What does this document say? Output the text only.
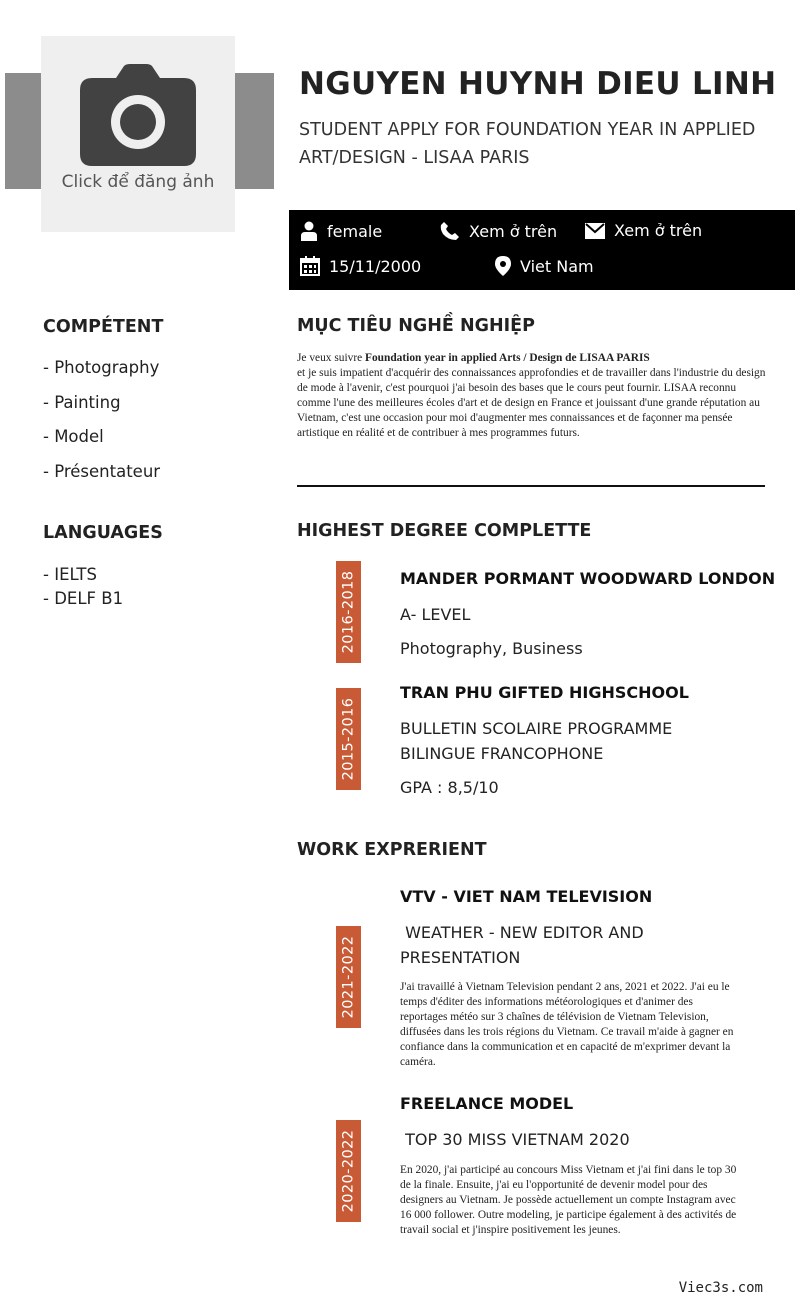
Click để đăng ảnh
NGUYEN HUYNH DIEU LINH
STUDENT APPLY FOR FOUNDATION YEAR IN APPLIED ART/DESIGN - LISAA PARIS
female	Xem ở trên	Xem ở trên
15/11/2000	Viet Nam
COMPÉTENT
- Photography
- Painting
- Model
- Présentateur
LANGUAGES
- IELTS
- DELF B1
MỤC TIÊU NGHỀ NGHIỆP
Je veux suivre Foundation year in applied Arts / Design de LISAA PARIS
et je suis impatient d'acquérir des connaissances approfondies et de travailler dans l'industrie du design de mode à l'avenir, c'est pourquoi j'ai besoin des bases que le cours peut fournir. LISAA reconnu comme l'une des meilleures écoles d'art et de design en France et jouissant d'une grande réputation au Vietnam, c'est une occasion pour moi d'augmenter mes connaissances et de façonner ma pensée artistique en réalité et de contribuer à mes programmes futurs.
HIGHEST DEGREE COMPLETTE
2016-2018	MANDER PORMANT WOODWARD LONDON
A- LEVEL
Photography, Business
2015-2016
TRAN PHU GIFTED HIGHSCHOOL
BULLETIN SCOLAIRE PROGRAMME BILINGUE FRANCOPHONE
GPA : 8,5/10
WORK EXPRERIENT
2021-2022
VTV - VIET NAM TELEVISION
WEATHER - NEW EDITOR AND PRESENTATION
J'ai travaillé à Vietnam Television pendant 2 ans, 2021 et 2022. J'ai eu le temps d'éditer des informations météorologiques et d'animer des reportages météo sur 3 chaînes de télévision de Vietnam Television, diffusées dans les trois régions du Vietnam. Ce travail m'aide à gagner en confiance dans la communication et en capacité de m'exprimer devant la caméra.
2020-2022
FREELANCE MODEL
TOP 30 MISS VIETNAM 2020
En 2020, j'ai participé au concours Miss Vietnam et j'ai fini dans le top 30 de la finale. Ensuite, j'ai eu l'opportunité de devenir model pour des designers au Vietnam. Je possède actuellement un compte Instagram avec 16 000 follower. Outre modeling, je participe également à des activités de travail social et j'inspire positivement les jeunes.
Viec3s.com
